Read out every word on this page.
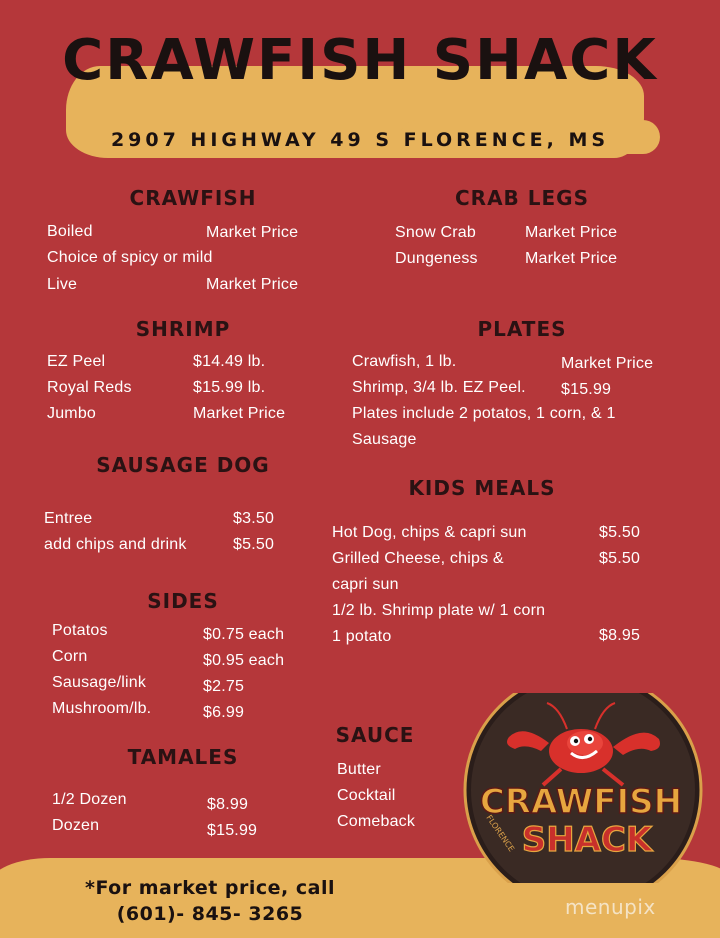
CRAWFISH SHACK
2907 HIGHWAY 49 S FLORENCE, MS
CRAWFISH
Boiled	Market Price
Choice of spicy or mild
Live	Market Price
CRAB LEGS
Snow Crab	Market Price
Dungeness	Market Price
SHRIMP
EZ Peel	$14.49 lb.
Royal Reds	$15.99 lb.
Jumbo	Market Price
PLATES
Crawfish, 1 lb.	Market Price
Shrimp, 3/4 lb. EZ Peel. $15.99
Plates include 2 potatos, 1 corn, & 1
Sausage
SAUSAGE DOG
Entree	$3.50
add chips and drink	$5.50
KIDS MEALS
Hot Dog, chips & capri sun	$5.50
Grilled Cheese, chips &	$5.50
capri sun
1/2 lb. Shrimp plate w/ 1 corn
1 potato	$8.95
SIDES
Potatos	$0.75 each
Corn	$0.95 each
Sausage/link	$2.75
Mushroom/lb.	$6.99
SAUCE
Butter
Cocktail
Comeback
TAMALES
1/2 Dozen	$8.99
Dozen	$15.99
*For market price, call
(601)- 845- 3265
CRAWFISH
SHACK
FLORENCE
menupix
